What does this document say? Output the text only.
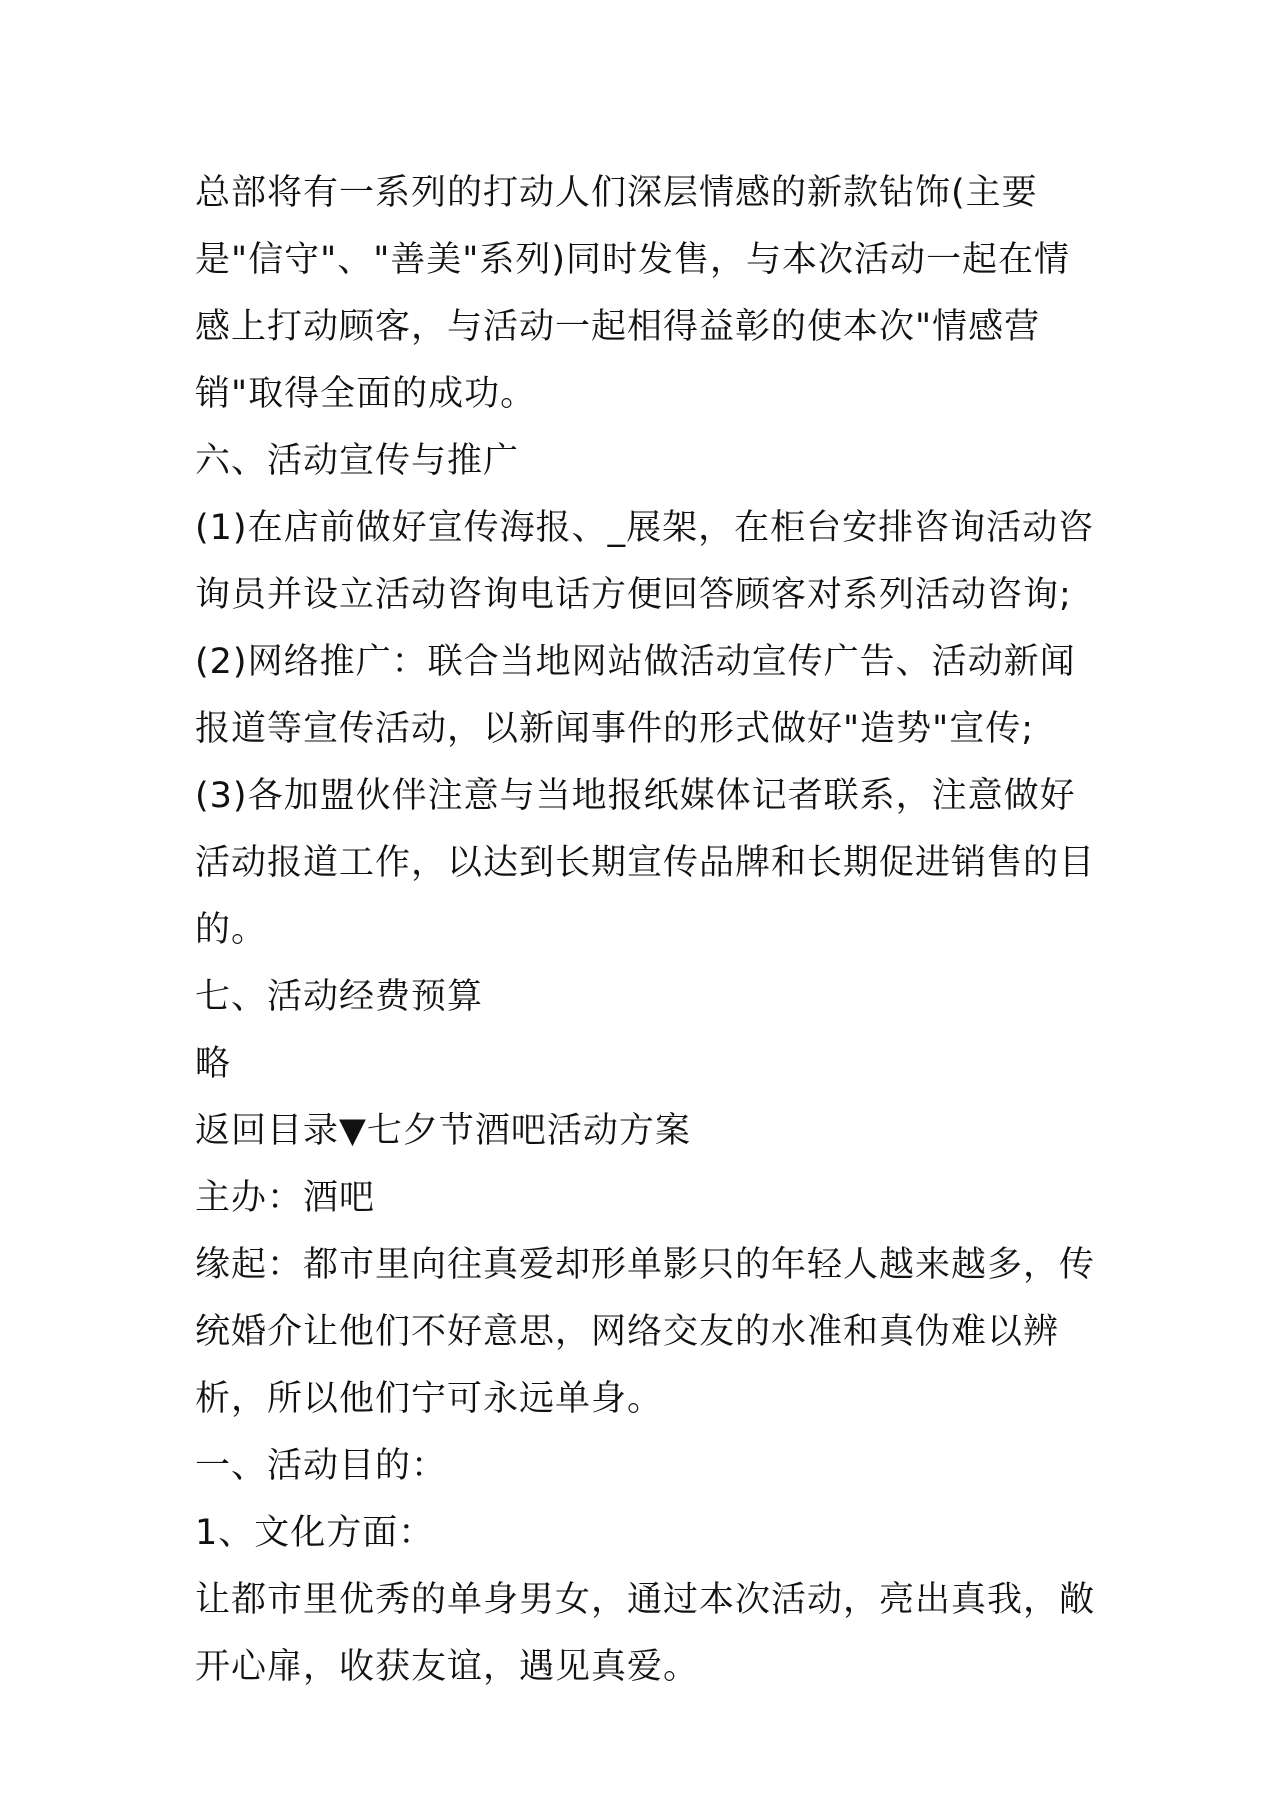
总部将有一系列的打动人们深层情感的新款钻饰(主要是"信守"、"善美"系列)同时发售，与本次活动一起在情感上打动顾客，与活动一起相得益彰的使本次"情感营销"取得全面的成功。

六、活动宣传与推广

(1)在店前做好宣传海报、_展架，在柜台安排咨询活动咨询员并设立活动咨询电话方便回答顾客对系列活动咨询;

(2)网络推广：联合当地网站做活动宣传广告、活动新闻报道等宣传活动，以新闻事件的形式做好"造势"宣传;

(3)各加盟伙伴注意与当地报纸媒体记者联系，注意做好活动报道工作，以达到长期宣传品牌和长期促进销售的目的。

七、活动经费预算

略

返回目录▼七夕节酒吧活动方案

主办：酒吧

缘起：都市里向往真爱却形单影只的年轻人越来越多，传统婚介让他们不好意思，网络交友的水准和真伪难以辨析，所以他们宁可永远单身。

一、活动目的：

1、文化方面：

让都市里优秀的单身男女，通过本次活动，亮出真我，敞开心扉，收获友谊，遇见真爱。
